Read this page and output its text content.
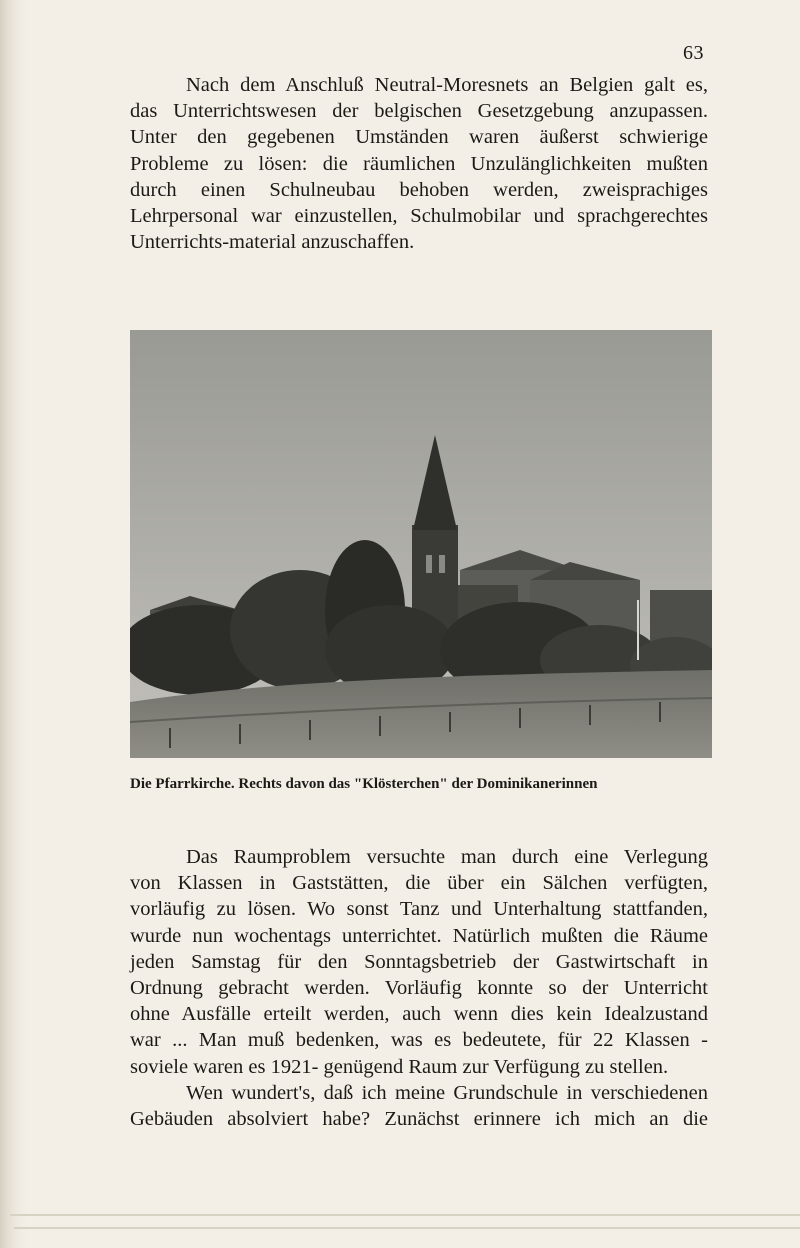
63

Nach dem Anschluß Neutral-Moresnets an Belgien galt es,
das Unterrichtswesen der belgischen Gesetzgebung anzupassen.
Unter den gegebenen Umständen waren äußerst schwierige
Probleme zu lösen: die räumlichen Unzulänglichkeiten mußten
durch einen Schulneubau behoben werden, zweisprachiges
Lehrpersonal war einzustellen, Schulmobilar und sprachgerechtes
Unterrichts-material anzuschaffen.

Die Pfarrkirche. Rechts davon das "Klösterchen" der Dominikanerinnen

Das Raumproblem versuchte man durch eine Verlegung
von Klassen in Gaststätten, die über ein Sälchen verfügten,
vorläufig zu lösen. Wo sonst Tanz und Unterhaltung stattfanden,
wurde nun wochentags unterrichtet. Natürlich mußten die Räume
jeden Samstag für den Sonntagsbetrieb der Gastwirtschaft in
Ordnung gebracht werden. Vorläufig konnte so der Unterricht
ohne Ausfälle erteilt werden, auch wenn dies kein Idealzustand
war ... Man muß bedenken, was es bedeutete, für 22 Klassen -
soviele waren es 1921- genügend Raum zur Verfügung zu stellen.

Wen wundert's, daß ich meine Grundschule in verschiedenen
Gebäuden absolviert habe? Zunächst erinnere ich mich an die
